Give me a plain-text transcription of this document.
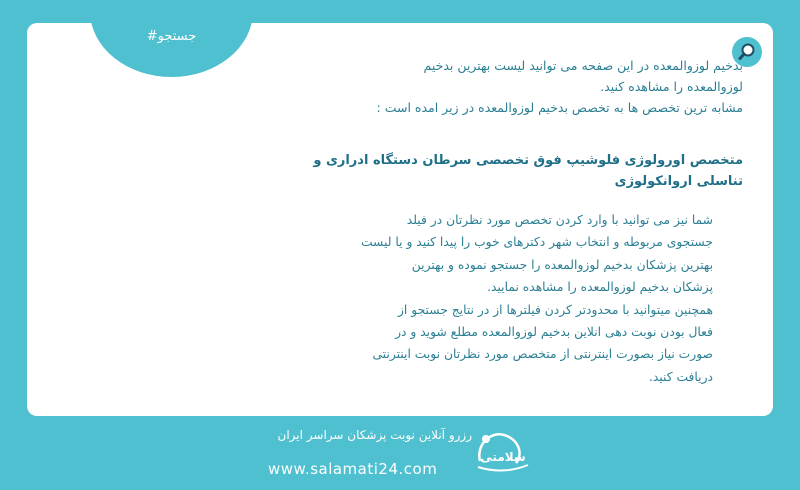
#جستجو

بدخیم لوزوالمعده در این صفحه می توانید لیست بهترین بدخیم

لوزوالمعده را مشاهده کنید.

مشابه ترین تخصص ها به تخصص بدخیم لوزوالمعده در زیر امده است :

متخصص اورولوژی فلوشیپ فوق تخصصی سرطان دستگاه ادراری و
تناسلی اروانکولوژی
شما نیز می توانید با وارد کردن تخصص مورد نظرتان در فیلد
جستجوی مربوطه و انتخاب شهر دکترهای خوب را پیدا کنید و یا لیست
بهترین پزشکان بدخیم لوزوالمعده را جستجو نموده و بهترین
پزشکان بدخیم لوزوالمعده را مشاهده نمایید.
همچنین میتوانید با محدودتر کردن فیلترها از در نتایج جستجو از
فعال بودن نوبت دهی انلاین بدخیم لوزوالمعده مطلع شوید و در
صورت نیاز بصورت اینترنتی از متخصص مورد نظرتان نوبت اینترنتی
دریافت کنید.
سلامتی
رزرو آنلاین نوبت پزشکان سراسر ایران
www.salamati24.com
